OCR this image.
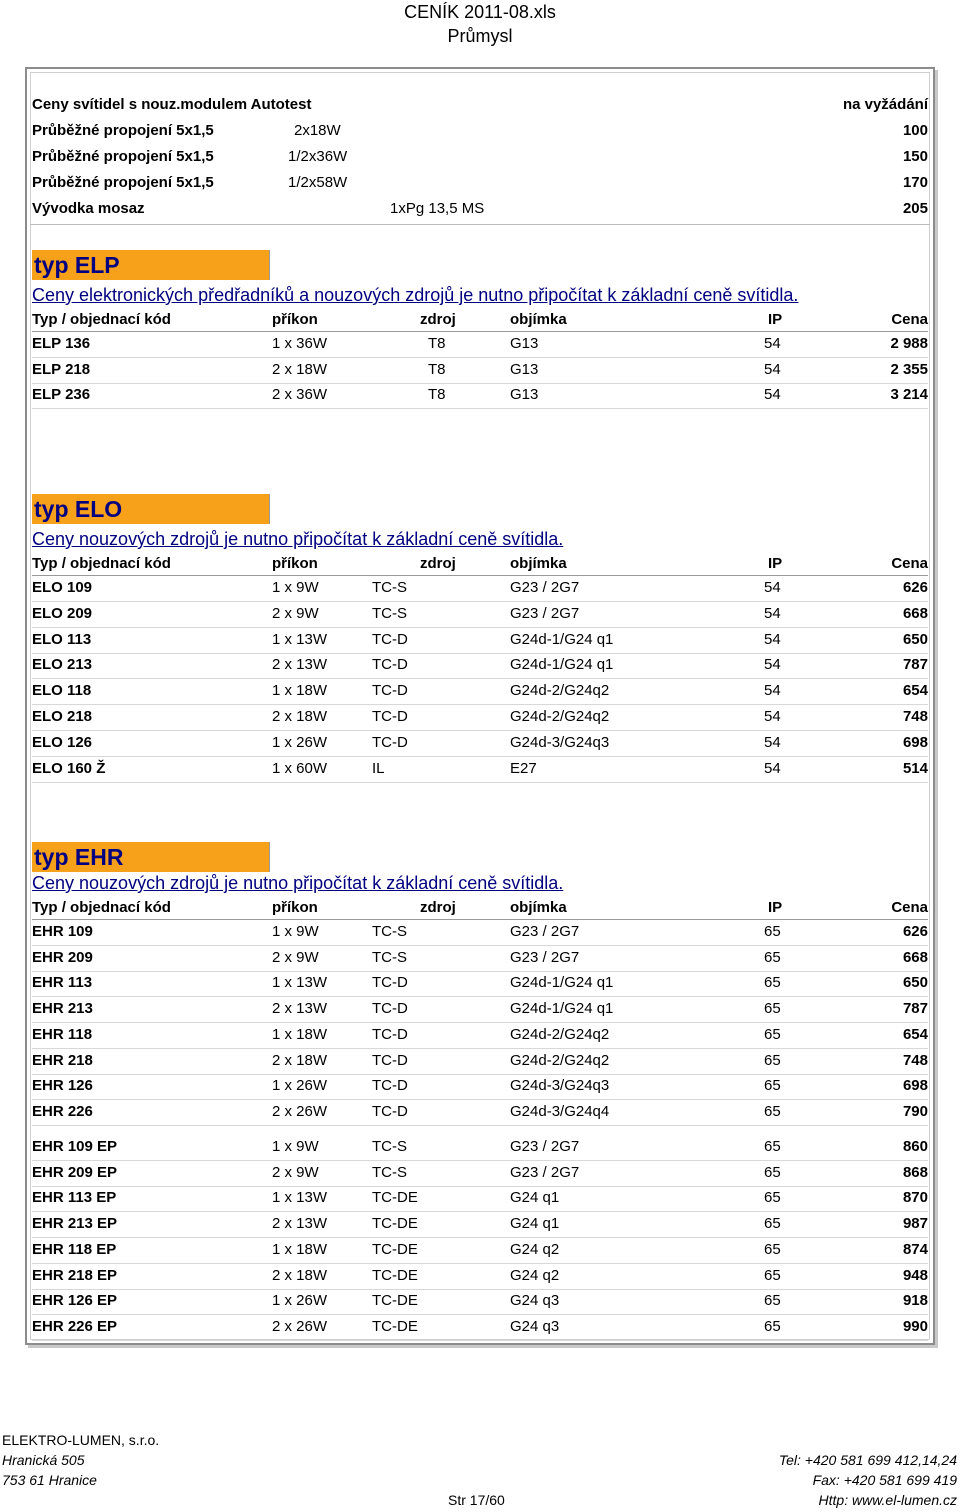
CENÍK 2011-08.xls
Průmysl
Ceny svítidel s nouz.modulem Autotest	na vyžádání
Průběžné propojení 5x1,5	2x18W	100
Průběžné propojení 5x1,5	1/2x36W	150
Průběžné propojení 5x1,5	1/2x58W	170
Vývodka mosaz	1xPg 13,5 MS	205
typ ELP
Ceny elektronických předřadníků a nouzových zdrojů je nutno připočítat k základní ceně svítidla.
Typ / objednací kód	příkon	zdroj	objímka	IP	Cena
ELP 136	1 x 36W	T8	G13	54	2 988
ELP 218	2 x 18W	T8	G13	54	2 355
ELP 236	2 x 36W	T8	G13	54	3 214
typ ELO
Ceny nouzových zdrojů je nutno připočítat k základní ceně svítidla.
Typ / objednací kód	příkon	zdroj	objímka	IP	Cena
ELO 109	1 x 9W	TC-S	G23 / 2G7	54	626
ELO 209	2 x 9W	TC-S	G23 / 2G7	54	668
ELO 113	1 x 13W	TC-D	G24d-1/G24 q1	54	650
ELO 213	2 x 13W	TC-D	G24d-1/G24 q1	54	787
ELO 118	1 x 18W	TC-D	G24d-2/G24q2	54	654
ELO 218	2 x 18W	TC-D	G24d-2/G24q2	54	748
ELO 126	1 x 26W	TC-D	G24d-3/G24q3	54	698
ELO 160 Ž	1 x 60W	IL	E27	54	514
typ EHR
Ceny nouzových zdrojů je nutno připočítat k základní ceně svítidla.
Typ / objednací kód	příkon	zdroj	objímka	IP	Cena
EHR 109	1 x 9W	TC-S	G23 / 2G7	65	626
EHR 209	2 x 9W	TC-S	G23 / 2G7	65	668
EHR 113	1 x 13W	TC-D	G24d-1/G24 q1	65	650
EHR 213	2 x 13W	TC-D	G24d-1/G24 q1	65	787
EHR 118	1 x 18W	TC-D	G24d-2/G24q2	65	654
EHR 218	2 x 18W	TC-D	G24d-2/G24q2	65	748
EHR 126	1 x 26W	TC-D	G24d-3/G24q3	65	698
EHR 226	2 x 26W	TC-D	G24d-3/G24q4	65	790
EHR 109 EP	1 x 9W	TC-S	G23 / 2G7	65	860
EHR 209 EP	2 x 9W	TC-S	G23 / 2G7	65	868
EHR 113 EP	1 x 13W	TC-DE	G24 q1	65	870
EHR 213 EP	2 x 13W	TC-DE	G24 q1	65	987
EHR 118 EP	1 x 18W	TC-DE	G24 q2	65	874
EHR 218 EP	2 x 18W	TC-DE	G24 q2	65	948
EHR 126 EP	1 x 26W	TC-DE	G24 q3	65	918
EHR 226 EP	2 x 26W	TC-DE	G24 q3	65	990
ELEKTRO-LUMEN, s.r.o.
Hranická 505
753 61 Hranice
Str 17/60
Tel: +420 581 699 412,14,24
Fax: +420 581 699 419
Http: www.el-lumen.cz
